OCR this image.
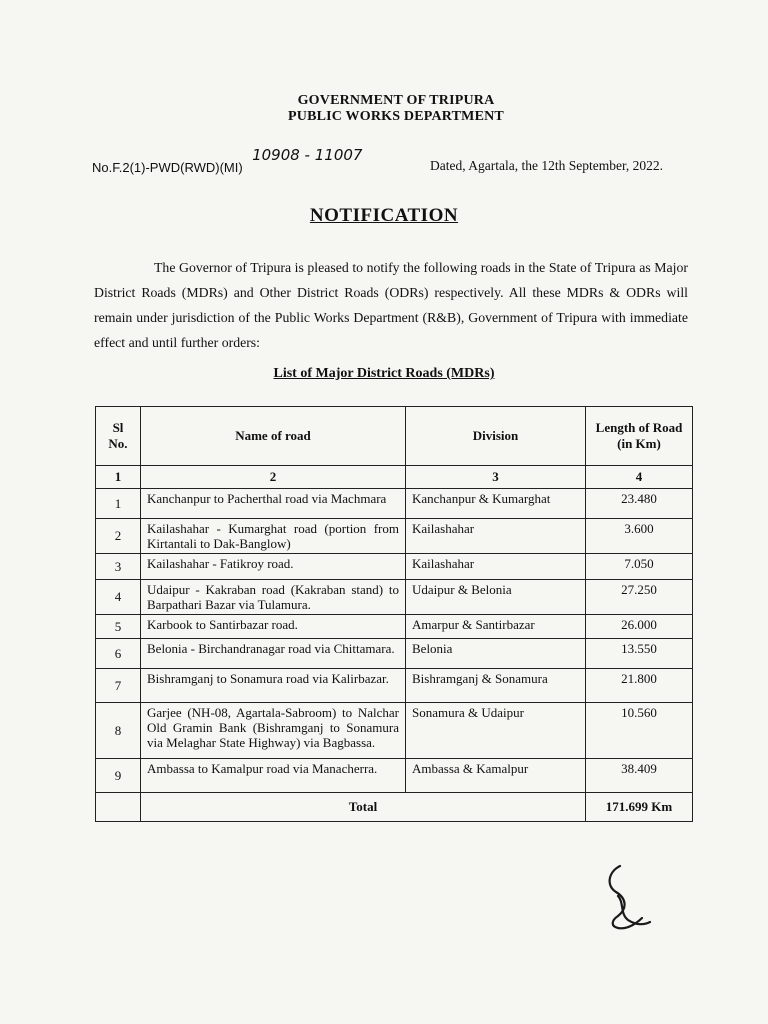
GOVERNMENT OF TRIPURA
PUBLIC WORKS DEPARTMENT
No.F.2(1)-PWD(RWD)(MI) 10908 - 11007
Dated, Agartala, the 12th September, 2022.
NOTIFICATION
The Governor of Tripura is pleased to notify the following roads in the State of Tripura as Major District Roads (MDRs) and Other District Roads (ODRs) respectively. All these MDRs & ODRs will remain under jurisdiction of the Public Works Department (R&B), Government of Tripura with immediate effect and until further orders:
List of Major District Roads (MDRs)
Sl No.	Name of road	Division	Length of Road (in Km)
1	2	3	4
1	Kanchanpur to Pacherthal road via Machmara	Kanchanpur & Kumarghat	23.480
2	Kailashahar - Kumarghat road (portion from Kirtantali to Dak-Banglow)	Kailashahar	3.600
3	Kailashahar - Fatikroy road.	Kailashahar	7.050
4	Udaipur - Kakraban road (Kakraban stand) to Barpathari Bazar via Tulamura.	Udaipur & Belonia	27.250
5	Karbook to Santirbazar road.	Amarpur & Santirbazar	26.000
6	Belonia - Birchandranagar road via Chittamara.	Belonia	13.550
7	Bishramganj to Sonamura road via Kalirbazar.	Bishramganj & Sonamura	21.800
8	Garjee (NH-08, Agartala-Sabroom) to Nalchar Old Gramin Bank (Bishramganj to Sonamura via Melaghar State Highway) via Bagbassa.	Sonamura & Udaipur	10.560
9	Ambassa to Kamalpur road via Manacherra.	Ambassa & Kamalpur	38.409
	Total		171.699 Km
